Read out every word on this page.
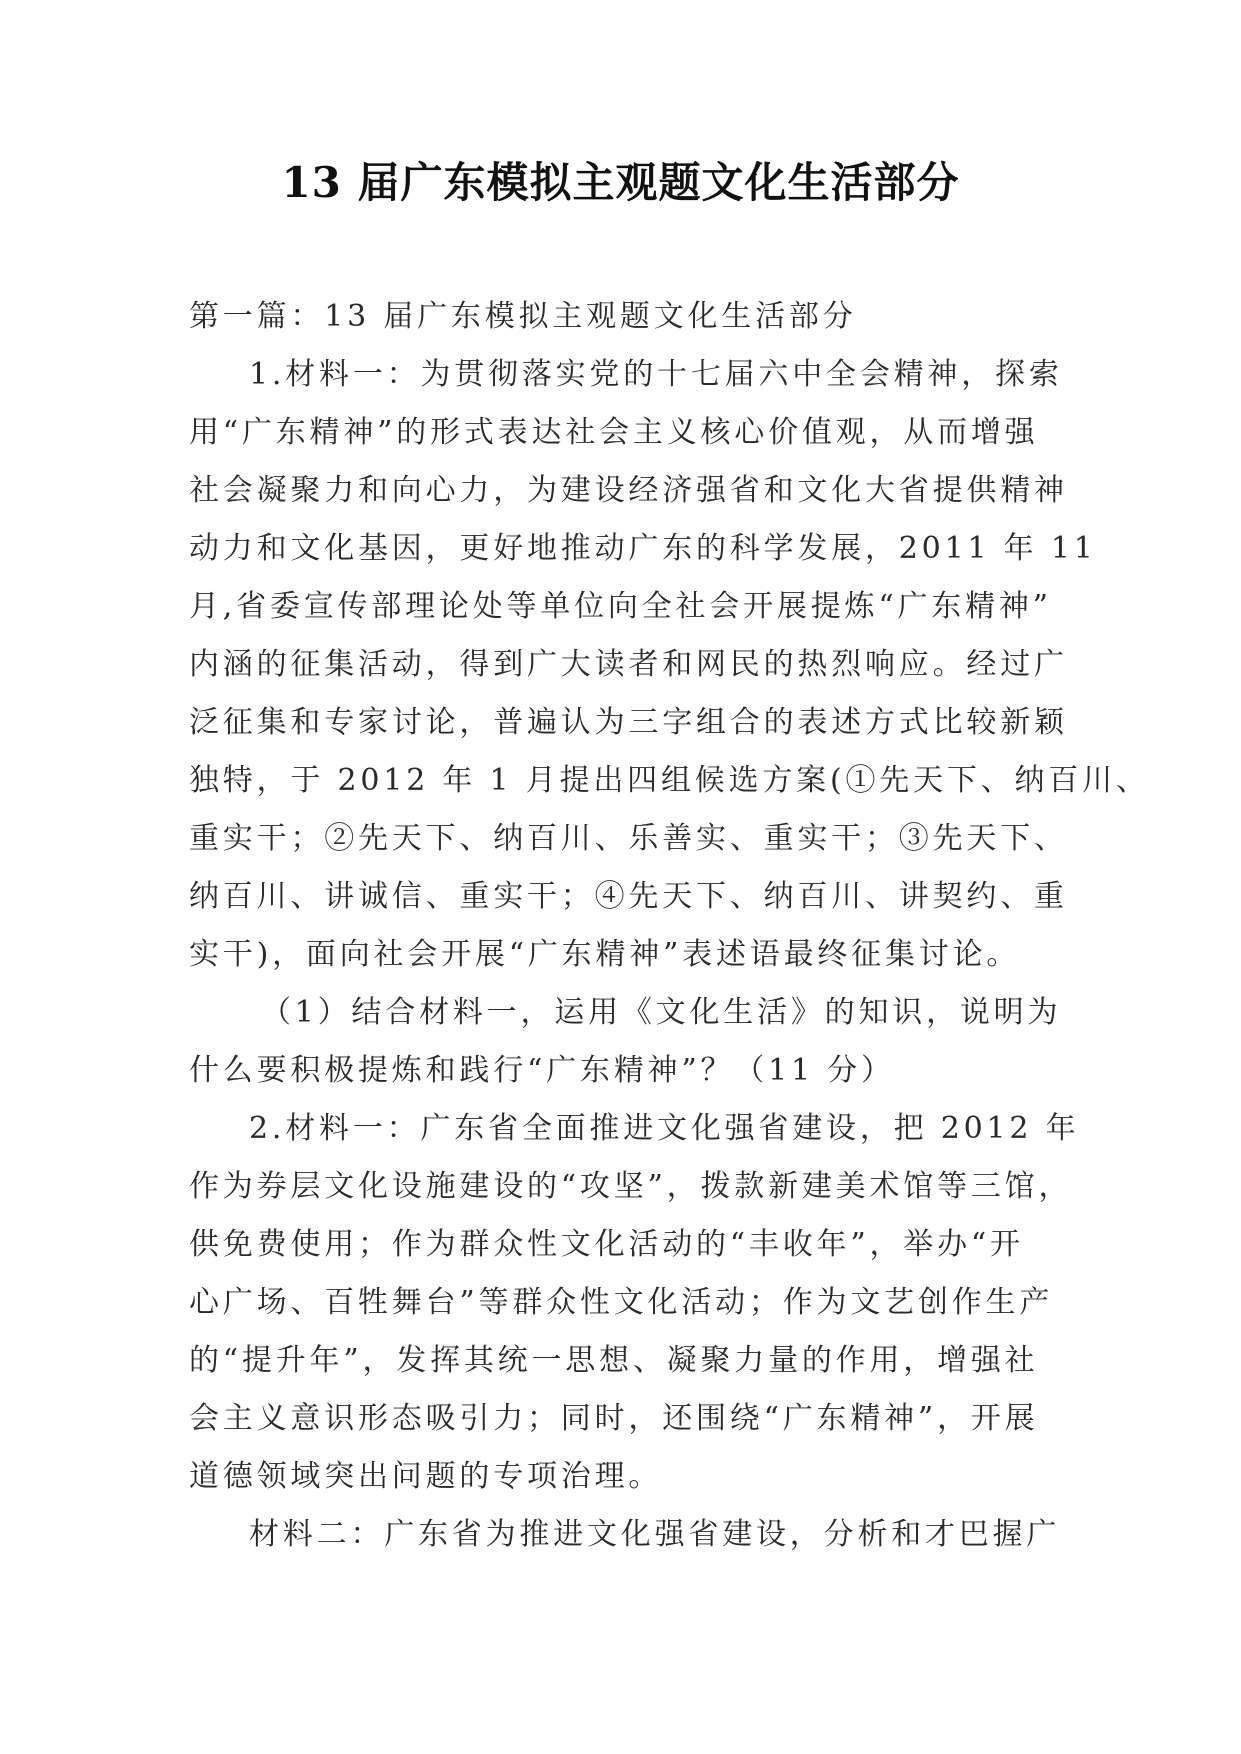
13 届广东模拟主观题文化生活部分
第一篇：13 届广东模拟主观题文化生活部分
1.材料一：为贯彻落实党的十七届六中全会精神，探索
用“广东精神”的形式表达社会主义核心价值观，从而增强
社会凝聚力和向心力，为建设经济强省和文化大省提供精神
动力和文化基因，更好地推动广东的科学发展，2011 年 11
月,省委宣传部理论处等单位向全社会开展提炼“广东精神”
内涵的征集活动，得到广大读者和网民的热烈响应。经过广
泛征集和专家讨论，普遍认为三字组合的表述方式比较新颖
独特，于 2012 年 1 月提出四组候选方案(①先天下、纳百川、
重实干；②先天下、纳百川、乐善实、重实干；③先天下、
纳百川、讲诚信、重实干；④先天下、纳百川、讲契约、重
实干)，面向社会开展“广东精神”表述语最终征集讨论。
（1）结合材料一，运用《文化生活》的知识，说明为
什么要积极提炼和践行“广东精神”？（11 分）
2.材料一：广东省全面推进文化强省建设，把 2012 年
作为券层文化设施建设的“攻坚”，拨款新建美术馆等三馆，
供免费使用；作为群众性文化活动的“丰收年”，举办“开
心广场、百牲舞台”等群众性文化活动；作为文艺创作生产
的“提升年”，发挥其统一思想、凝聚力量的作用，增强社
会主义意识形态吸引力；同时，还围绕“广东精神”，开展
道德领域突出问题的专项治理。
材料二：广东省为推进文化强省建设，分析和才巴握广
